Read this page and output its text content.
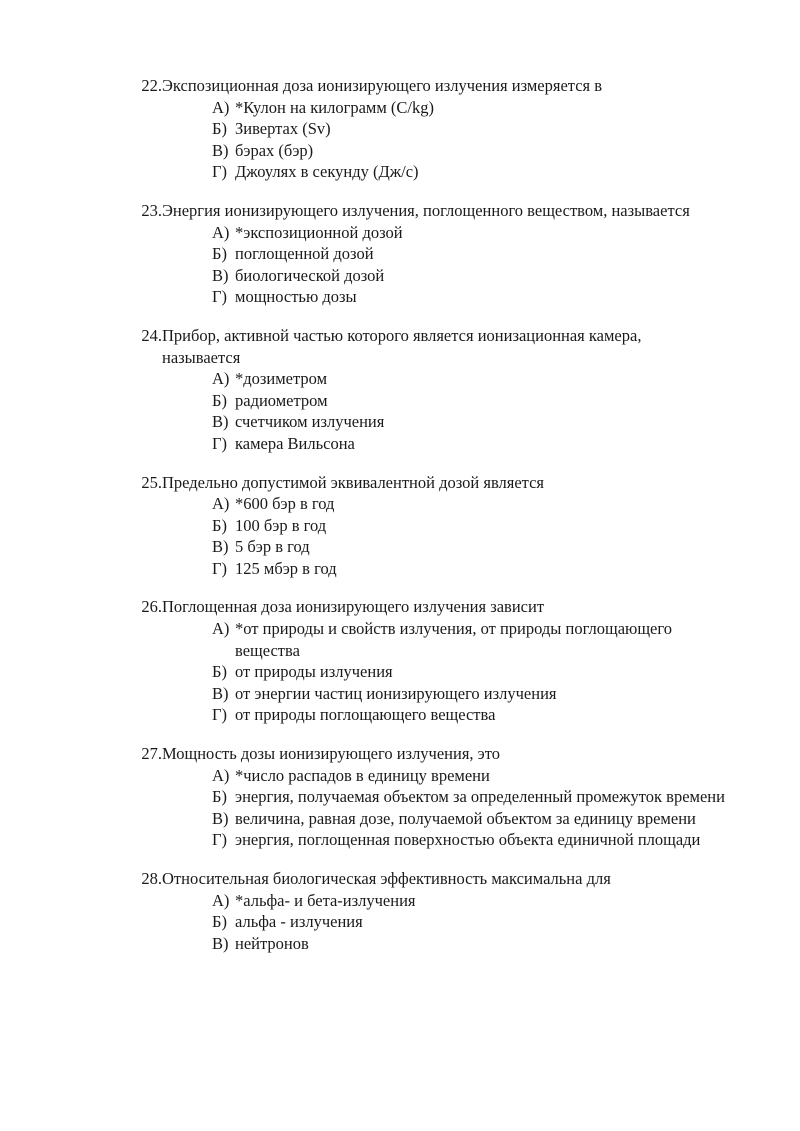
22. Экспозиционная доза ионизирующего излучения измеряется в
А) *Кулон на килограмм (C/kg)
Б) Зивертах (Sv)
В) бэрах (бэр)
Г) Джоулях в секунду (Дж/с)
23. Энергия ионизирующего излучения, поглощенного веществом, называется
А) *экспозиционной дозой
Б) поглощенной дозой
В) биологической дозой
Г) мощностью дозы
24. Прибор, активной частью которого является ионизационная камера, называется
А) *дозиметром
Б) радиометром
В) счетчиком излучения
Г) камера Вильсона
25. Предельно допустимой эквивалентной дозой является
А) *600 бэр в год
Б) 100 бэр в год
В) 5 бэр в год
Г) 125 мбэр в год
26. Поглощенная доза ионизирующего излучения зависит
А) *от природы и свойств излучения, от природы поглощающего вещества
Б) от природы излучения
В) от энергии частиц ионизирующего излучения
Г) от природы поглощающего вещества
27. Мощность дозы ионизирующего излучения, это
А) *число распадов в единицу времени
Б) энергия, получаемая объектом за определенный промежуток времени
В) величина, равная дозе, получаемой объектом за единицу времени
Г) энергия, поглощенная поверхностью объекта единичной площади
28. Относительная биологическая эффективность максимальна для
А) *альфа- и бета-излучения
Б) альфа - излучения
В) нейтронов
